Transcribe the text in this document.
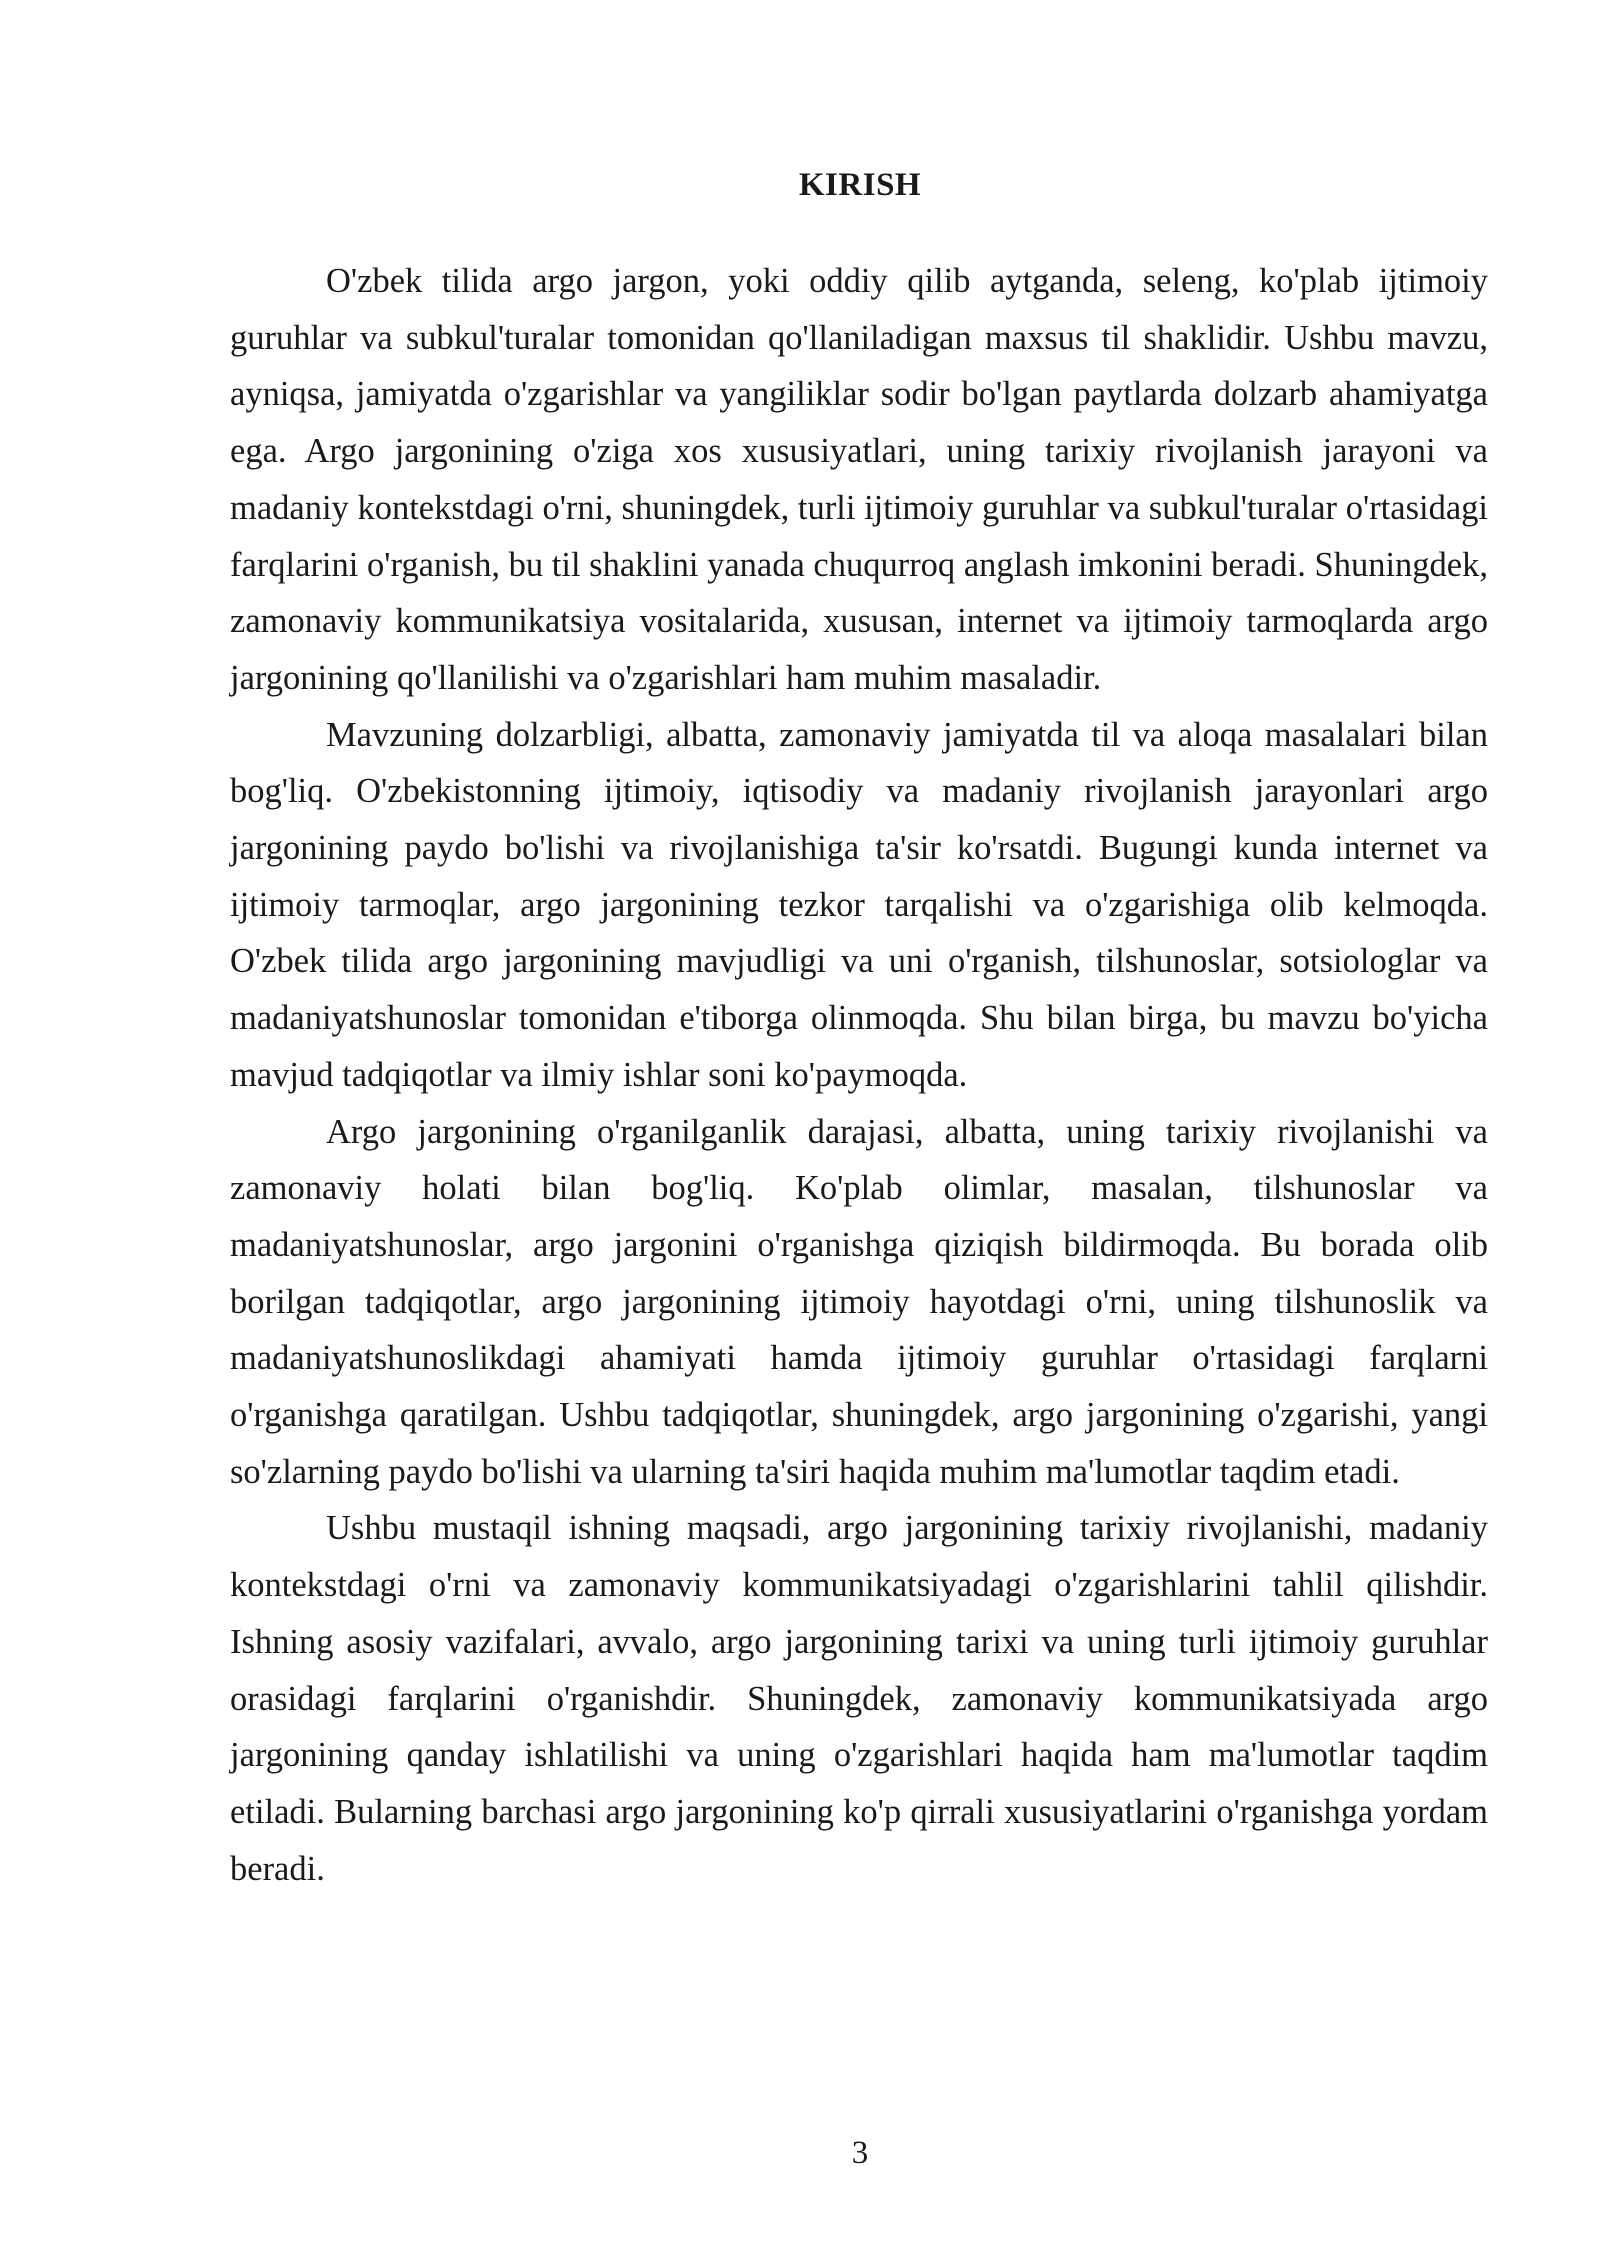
KIRISH

O'zbek tilida argo jargon, yoki oddiy qilib aytganda, seleng, ko'plab ijtimoiy guruhlar va subkul'turalar tomonidan qo'llaniladigan maxsus til shaklidir. Ushbu mavzu, ayniqsa, jamiyatda o'zgarishlar va yangiliklar sodir bo'lgan paytlarda dolzarb ahamiyatga ega. Argo jargonining o'ziga xos xususiyatlari, uning tarixiy rivojlanish jarayoni va madaniy kontekstdagi o'rni, shuningdek, turli ijtimoiy guruhlar va subkul'turalar o'rtasidagi farqlarini o'rganish, bu til shaklini yanada chuqurroq anglash imkonini beradi. Shuningdek, zamonaviy kommunikatsiya vositalarida, xususan, internet va ijtimoiy tarmoqlarda argo jargonining qo'llanilishi va o'zgarishlari ham muhim masaladir.

Mavzuning dolzarbligi, albatta, zamonaviy jamiyatda til va aloqa masalalari bilan bog'liq. O'zbekistonning ijtimoiy, iqtisodiy va madaniy rivojlanish jarayonlari argo jargonining paydo bo'lishi va rivojlanishiga ta'sir ko'rsatdi. Bugungi kunda internet va ijtimoiy tarmoqlar, argo jargonining tezkor tarqalishi va o'zgarishiga olib kelmoqda. O'zbek tilida argo jargonining mavjudligi va uni o'rganish, tilshunoslar, sotsiologlar va madaniyatshunoslar tomonidan e'tiborga olinmoqda. Shu bilan birga, bu mavzu bo'yicha mavjud tadqiqotlar va ilmiy ishlar soni ko'paymoqda.

Argo jargonining o'rganilganlik darajasi, albatta, uning tarixiy rivojlanishi va zamonaviy holati bilan bog'liq. Ko'plab olimlar, masalan, tilshunoslar va madaniyatshunoslar, argo jargonini o'rganishga qiziqish bildirmoqda. Bu borada olib borilgan tadqiqotlar, argo jargonining ijtimoiy hayotdagi o'rni, uning tilshunoslik va madaniyatshunoslikdagi ahamiyati hamda ijtimoiy guruhlar o'rtasidagi farqlarni o'rganishga qaratilgan. Ushbu tadqiqotlar, shuningdek, argo jargonining o'zgarishi, yangi so'zlarning paydo bo'lishi va ularning ta'siri haqida muhim ma'lumotlar taqdim etadi.

Ushbu mustaqil ishning maqsadi, argo jargonining tarixiy rivojlanishi, madaniy kontekstdagi o'rni va zamonaviy kommunikatsiyadagi o'zgarishlarini tahlil qilishdir. Ishning asosiy vazifalari, avvalo, argo jargonining tarixi va uning turli ijtimoiy guruhlar orasidagi farqlarini o'rganishdir. Shuningdek, zamonaviy kommunikatsiyada argo jargonining qanday ishlatilishi va uning o'zgarishlari haqida ham ma'lumotlar taqdim etiladi. Bularning barchasi argo jargonining ko'p qirrali xususiyatlarini o'rganishga yordam beradi.

3
